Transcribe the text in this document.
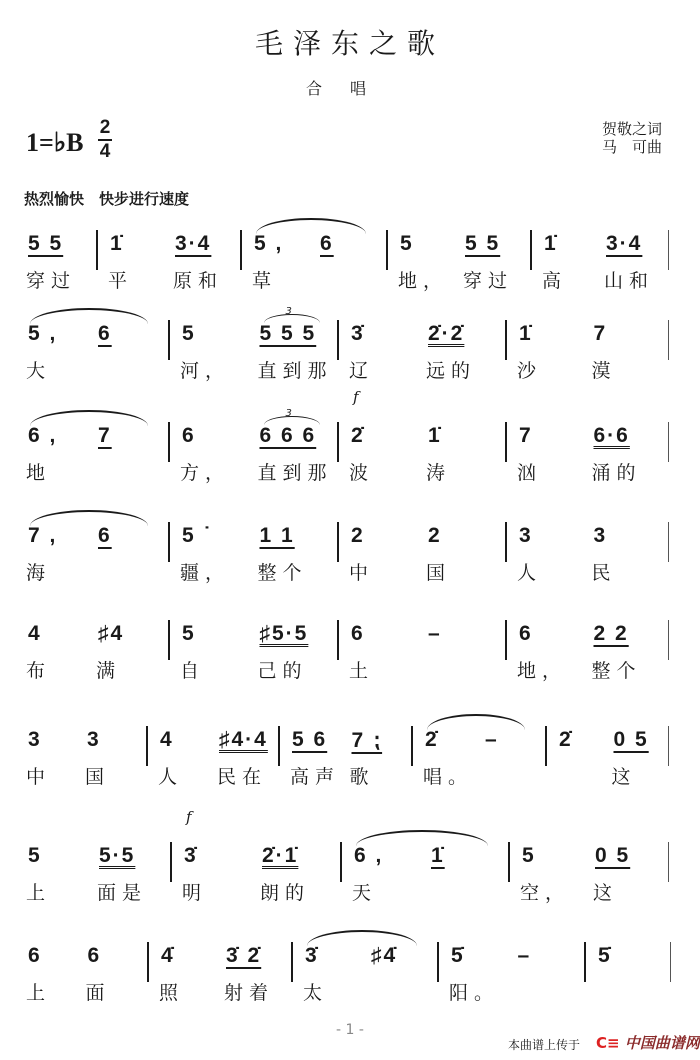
毛泽东之歌
合唱
1=♭B
2
4
贺敬之词
马　可曲
热烈愉快　快步进行速度
5 5
穿过
1̇
平
3·4
原和
5 ,
草
6	5
地，
5 5
穿过
1̇
高
3·4
山和
5 ,
大
6	5
河，
5 5 5
3
直到那
3̇
辽
2̇·2̇
远的
1̇
沙
7
漠
6 ,
地
7	6
方，
6 6 6
3
直到那
f
2̇
波
1̇
涛
7
汹
6·6
涌的
7 ,
海
6	5 ˙
疆，
1 1
整个
2
中
2
国
3
人
3
民
4
布
♯4
满
5
自
♯5·5
己的
6
土
–	6
地，
2 2
整个
3
中
3
国
4
人
♯4·4
民在
5 6
高声
7 ⁏
歌
2̇
唱。
–	2̇ 0 5
这
5
上
5·5
面是
f
3̇
明
2̇·1̇
朗的
6 ,
天
1̇	5
空，
0 5
这
6
上
6
面
4̇
照
3̇ 2̇
射着
3̇
太
♯4̇	5̇
阳。
–	5̇
- 1 -
本曲谱上传于 C≡ 中国曲谱网
